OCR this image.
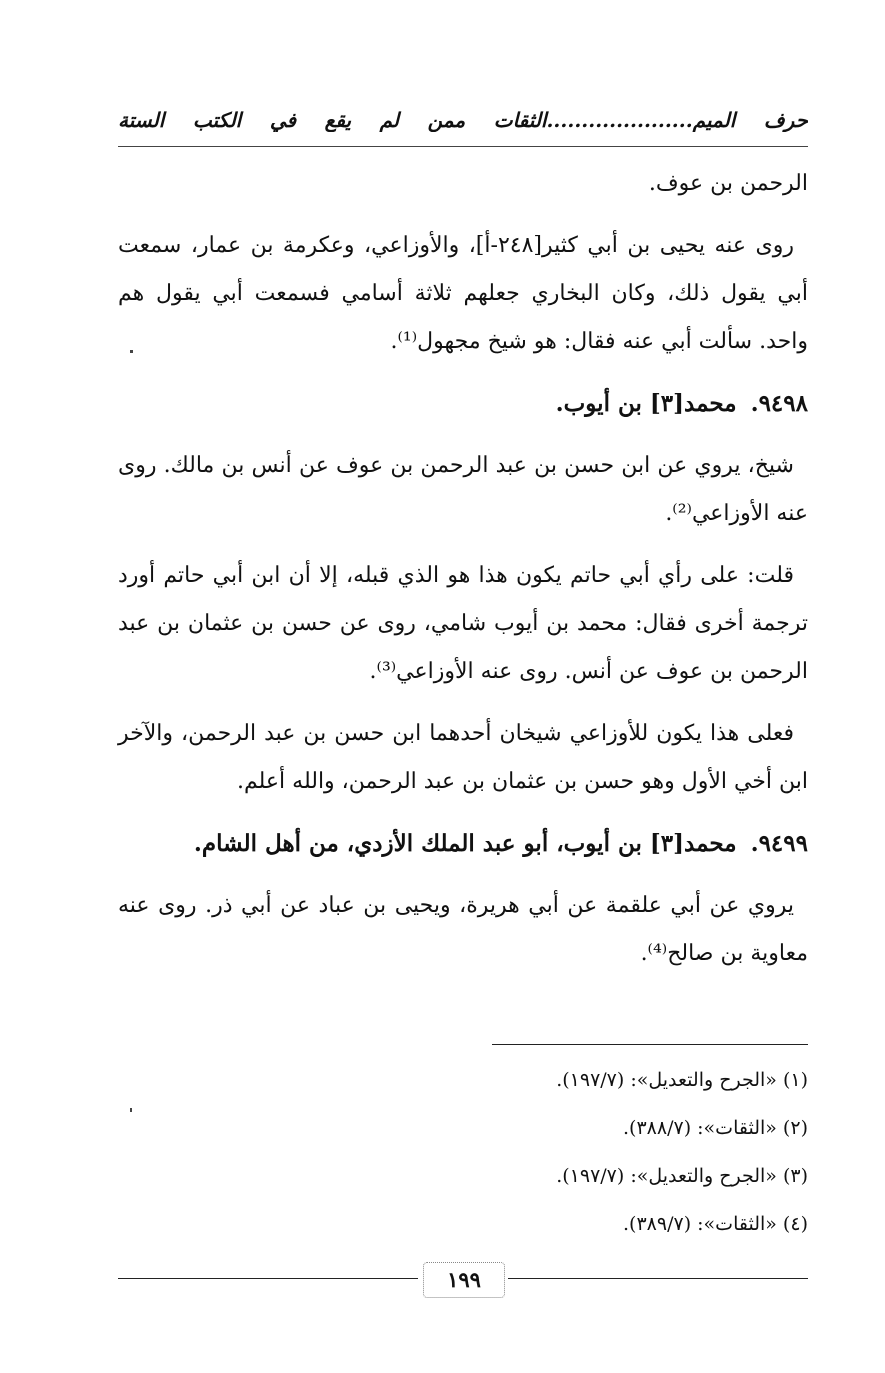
حرف الميم.....................الثقات ممن لم يقع في الكتب الستة

الرحمن بن عوف.

روى عنه يحيى بن أبي كثير[٢٤٨-أ]، والأوزاعي، وعكرمة بن عمار، سمعت أبي يقول ذلك، وكان البخاري جعلهم ثلاثة أسامي فسمعت أبي يقول هم واحد. سألت أبي عنه فقال: هو شيخ مجهول⁽¹⁾.

٩٤٩٨.محمد[٣] بن أيوب.

شيخ، يروي عن ابن حسن بن عبد الرحمن بن عوف عن أنس بن مالك. روى عنه الأوزاعي⁽²⁾.

قلت: على رأي أبي حاتم يكون هذا هو الذي قبله، إلا أن ابن أبي حاتم أورد ترجمة أخرى فقال: محمد بن أيوب شامي، روى عن حسن بن عثمان بن عبد الرحمن بن عوف عن أنس. روى عنه الأوزاعي⁽³⁾.

فعلى هذا يكون للأوزاعي شيخان أحدهما ابن حسن بن عبد الرحمن، والآخر ابن أخي الأول وهو حسن بن عثمان بن عبد الرحمن، والله أعلم.

٩٤٩٩.محمد[٣] بن أيوب، أبو عبد الملك الأزدي، من أهل الشام.

يروي عن أبي علقمة عن أبي هريرة، ويحيى بن عباد عن أبي ذر. روى عنه معاوية بن صالح⁽⁴⁾.

(١) «الجرح والتعديل»: (١٩٧/٧).

(٢) «الثقات»: (٣٨٨/٧).

(٣) «الجرح والتعديل»: (١٩٧/٧).

(٤) «الثقات»: (٣٨٩/٧).

١٩٩
